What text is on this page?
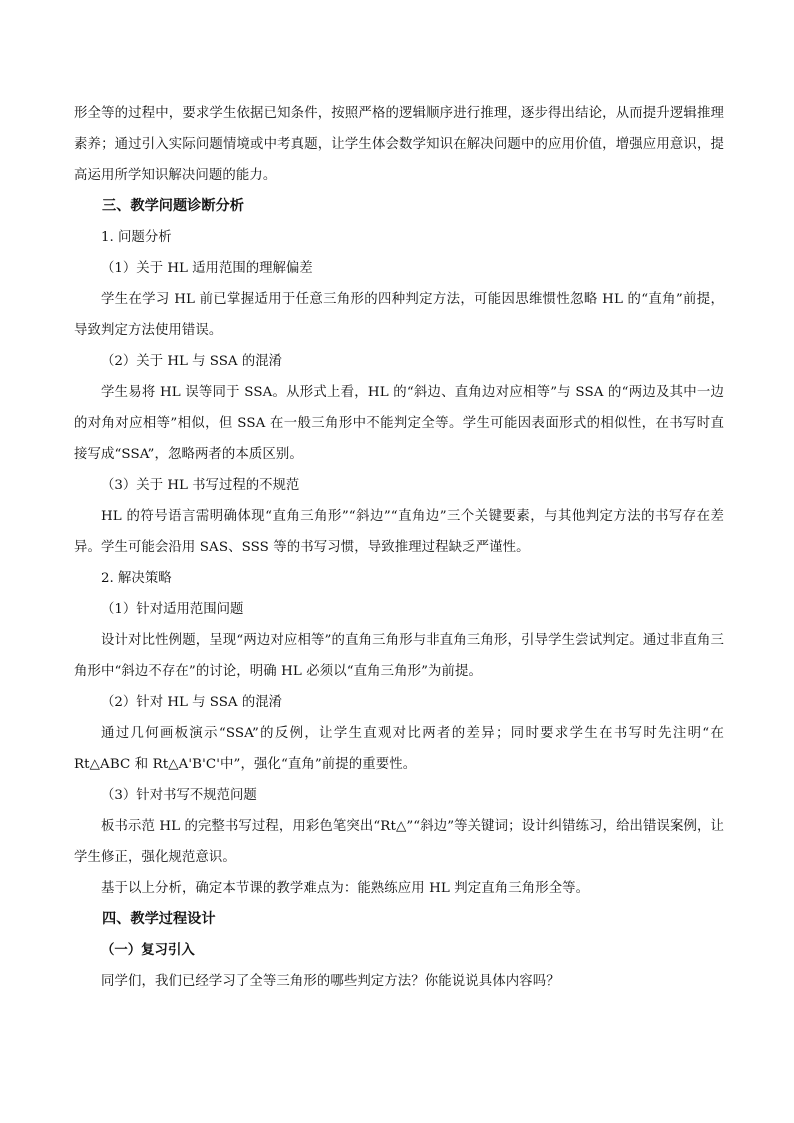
形全等的过程中，要求学生依据已知条件，按照严格的逻辑顺序进行推理，逐步得出结论，从而提升逻辑推理素养；通过引入实际问题情境或中考真题，让学生体会数学知识在解决问题中的应用价值，增强应用意识，提高运用所学知识解决问题的能力。

三、教学问题诊断分析

1. 问题分析

（1）关于 HL 适用范围的理解偏差

学生在学习 HL 前已掌握适用于任意三角形的四种判定方法，可能因思维惯性忽略 HL 的“直角”前提，导致判定方法使用错误。

（2）关于 HL 与 SSA 的混淆

学生易将 HL 误等同于 SSA。从形式上看，HL 的“斜边、直角边对应相等”与 SSA 的“两边及其中一边的对角对应相等”相似，但 SSA 在一般三角形中不能判定全等。学生可能因表面形式的相似性，在书写时直接写成“SSA”，忽略两者的本质区别。

（3）关于 HL 书写过程的不规范

HL 的符号语言需明确体现“直角三角形”“斜边”“直角边”三个关键要素，与其他判定方法的书写存在差异。学生可能会沿用 SAS、SSS 等的书写习惯，导致推理过程缺乏严谨性。

2. 解决策略

（1）针对适用范围问题

设计对比性例题，呈现“两边对应相等”的直角三角形与非直角三角形，引导学生尝试判定。通过非直角三角形中“斜边不存在”的讨论，明确 HL 必须以“直角三角形”为前提。

（2）针对 HL 与 SSA 的混淆

通过几何画板演示“SSA”的反例，让学生直观对比两者的差异；同时要求学生在书写时先注明“在 Rt△ABC 和 Rt△A'B'C'中”，强化“直角”前提的重要性。

（3）针对书写不规范问题

板书示范 HL 的完整书写过程，用彩色笔突出“Rt△”“斜边”等关键词；设计纠错练习，给出错误案例，让学生修正，强化规范意识。

基于以上分析，确定本节课的教学难点为：能熟练应用 HL 判定直角三角形全等。

四、教学过程设计

（一）复习引入

同学们，我们已经学习了全等三角形的哪些判定方法？你能说说具体内容吗？
